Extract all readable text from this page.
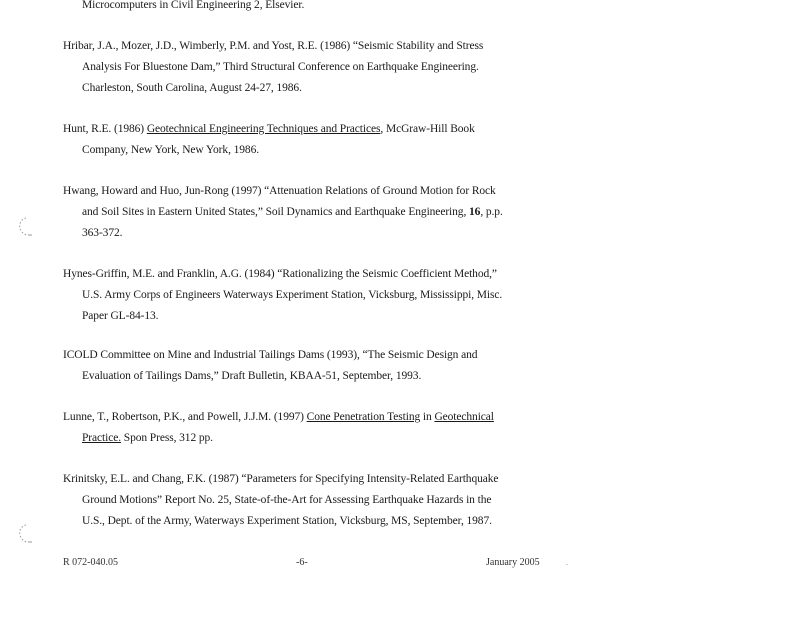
Microcomputers in Civil Engineering 2, Elsevier.
Hribar, J.A., Mozer, J.D., Wimberly, P.M. and Yost, R.E. (1986) “Seismic Stability and Stress
Analysis For Bluestone Dam,” Third Structural Conference on Earthquake Engineering.
Charleston, South Carolina, August 24-27, 1986.
Hunt, R.E. (1986) Geotechnical Engineering Techniques and Practices, McGraw-Hill Book
Company, New York, New York, 1986.
Hwang, Howard and Huo, Jun-Rong (1997) “Attenuation Relations of Ground Motion for Rock
and Soil Sites in Eastern United States,” Soil Dynamics and Earthquake Engineering, 16, p.p.
363-372.
Hynes-Griffin, M.E. and Franklin, A.G. (1984) “Rationalizing the Seismic Coefficient Method,”
U.S. Army Corps of Engineers Waterways Experiment Station, Vicksburg, Mississippi, Misc.
Paper GL-84-13.
ICOLD Committee on Mine and Industrial Tailings Dams (1993), “The Seismic Design and
Evaluation of Tailings Dams,” Draft Bulletin, KBAA-51, September, 1993.
Lunne, T., Robertson, P.K., and Powell, J.J.M. (1997) Cone Penetration Testing in Geotechnical
Practice. Spon Press, 312 pp.
Krinitsky, E.L. and Chang, F.K. (1987) “Parameters for Specifying Intensity-Related Earthquake
Ground Motions” Report No. 25, State-of-the-Art for Assessing Earthquake Hazards in the
U.S., Dept. of the Army, Waterways Experiment Station, Vicksburg, MS, September, 1987.
R 072-040.05	-6-	January 2005	.
